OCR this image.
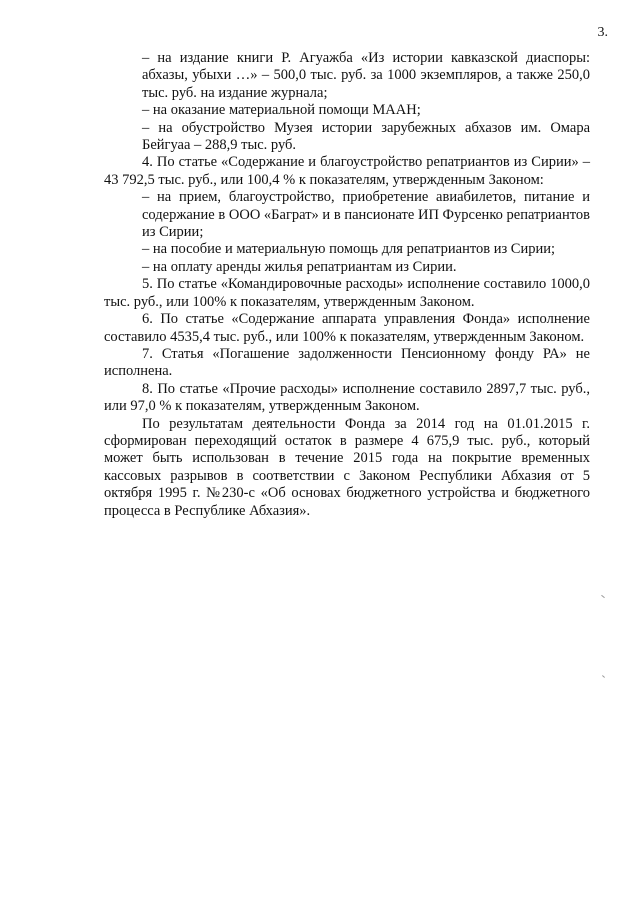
3.

– на издание книги Р. Агуажба «Из истории кавказской диаспоры: абхазы, убыхи …» – 500,0 тыс. руб. за 1000 экземпляров, а также 250,0 тыс. руб. на издание журнала;

– на оказание материальной помощи МААН;

– на обустройство Музея истории зарубежных абхазов им. Омара Бейгуаа – 288,9 тыс. руб.

4. По статье «Содержание и благоустройство репатриантов из Сирии» – 43 792,5 тыс. руб., или 100,4 % к показателям, утвержденным Законом:

– на прием, благоустройство, приобретение авиабилетов, питание и содержание в ООО «Баграт» и в пансионате ИП Фурсенко репатриантов из Сирии;

– на пособие и материальную помощь для репатриантов из Сирии;

– на оплату аренды жилья репатриантам из Сирии.

5. По статье «Командировочные расходы» исполнение составило 1000,0 тыс. руб., или 100% к показателям, утвержденным Законом.

6. По статье «Содержание аппарата управления Фонда» исполнение составило 4535,4 тыс. руб., или 100% к показателям, утвержденным Законом.

7. Статья «Погашение задолженности Пенсионному фонду РА» не исполнена.

8. По статье «Прочие расходы» исполнение составило 2897,7 тыс. руб., или 97,0 % к показателям, утвержденным Законом.

По результатам деятельности Фонда за 2014 год на 01.01.2015 г. сформирован переходящий остаток в размере 4 675,9 тыс. руб., который может быть использован в течение 2015 года на покрытие временных кассовых разрывов в соответствии с Законом Республики Абхазия от 5 октября 1995 г. №230-с «Об основах бюджетного устройства и бюджетного процесса в Республике Абхазия».
